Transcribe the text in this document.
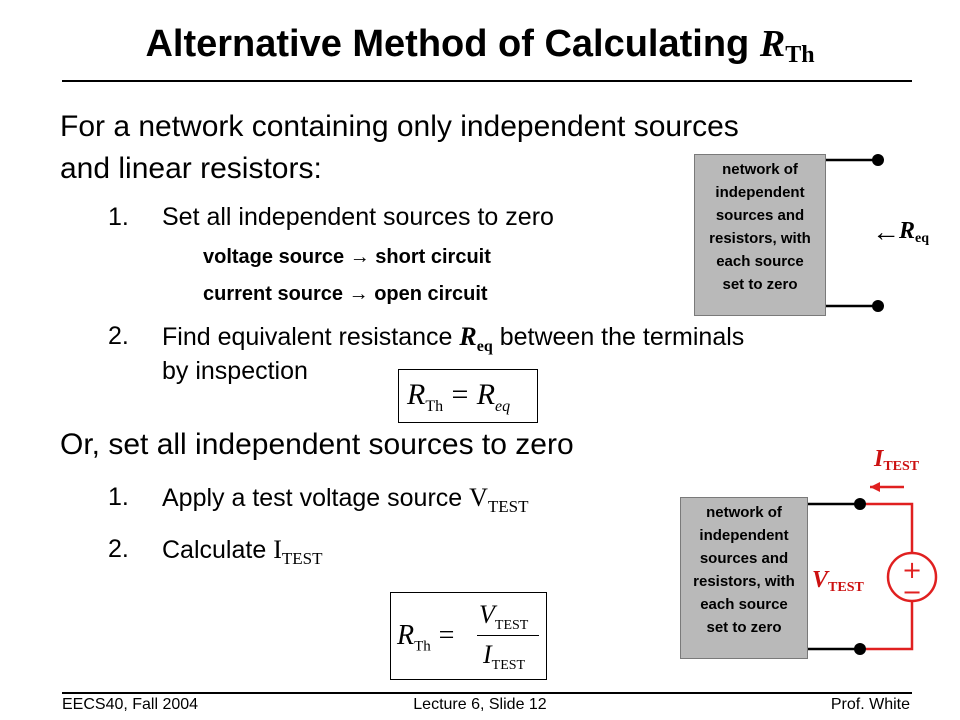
Alternative Method of Calculating $R_{Th}$
For a network containing only independent sources
and linear resistors:
1. Set all independent sources to zero
voltage source → short circuit
current source → open circuit
2. Find equivalent resistance $R_{eq}$ between the terminals
by inspection
$R_{Th} = R_{eq}$
Or, set all independent sources to zero
1. Apply a test voltage source $V_{TEST}$
2. Calculate $I_{TEST}$
$R_{Th}$ =
$V_{TEST}$
$I_{TEST}$
network of
independent
sources and
resistors, with
each source
set to zero
← $R_{eq}$
network of
independent
sources and
resistors, with
each source
set to zero
$I_{TEST}$
$V_{TEST}$
+
−
EECS40, Fall 2004	Lecture 6, Slide 12	Prof. White
